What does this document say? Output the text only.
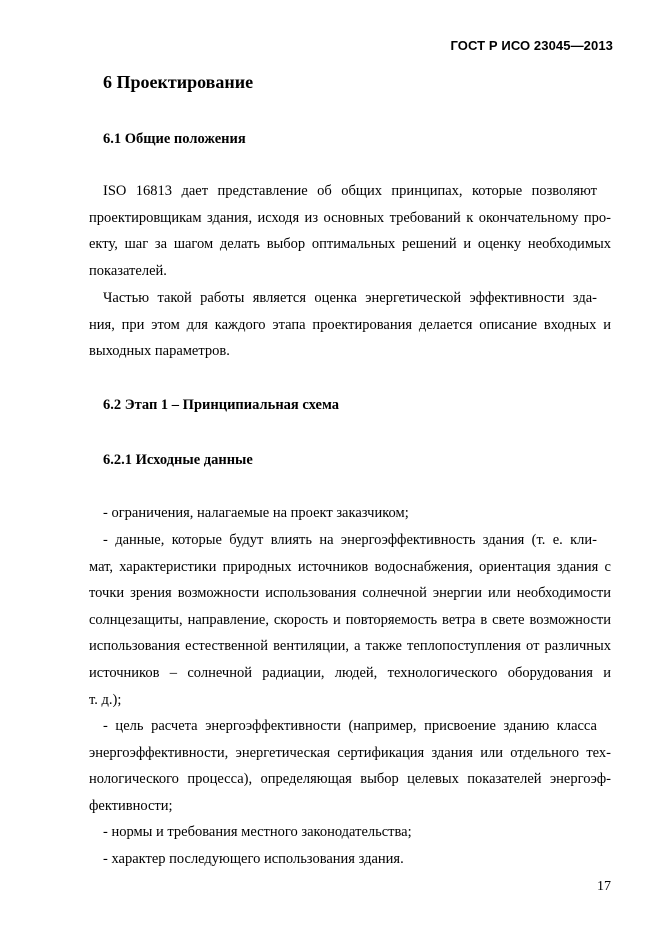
ГОСТ Р ИСО 23045—2013
6 Проектирование
6.1 Общие положения
ISO 16813 дает представление об общих принципах, которые позволяют
проектировщикам здания, исходя из основных требований к окончательному про-
екту, шаг за шагом делать выбор оптимальных решений и оценку необходимых
показателей.
Частью такой работы является оценка энергетической эффективности зда-
ния, при этом для каждого этапа проектирования делается описание входных и
выходных параметров.
6.2 Этап 1 – Принципиальная схема
6.2.1 Исходные данные
- ограничения, налагаемые на проект заказчиком;
- данные, которые будут влиять на энергоэффективность здания (т. е. кли-
мат, характеристики природных источников водоснабжения, ориентация здания с
точки зрения возможности использования солнечной энергии или необходимости
солнцезащиты, направление, скорость и повторяемость ветра в свете возможности
использования естественной вентиляции, а также теплопоступления от различных
источников – солнечной радиации, людей, технологического оборудования и
т. д.);
- цель расчета энергоэффективности (например, присвоение зданию класса
энергоэффективности, энергетическая сертификация здания или отдельного тех-
нологического процесса), определяющая выбор целевых показателей энергоэф-
фективности;
- нормы и требования местного законодательства;
- характер последующего использования здания.
17
